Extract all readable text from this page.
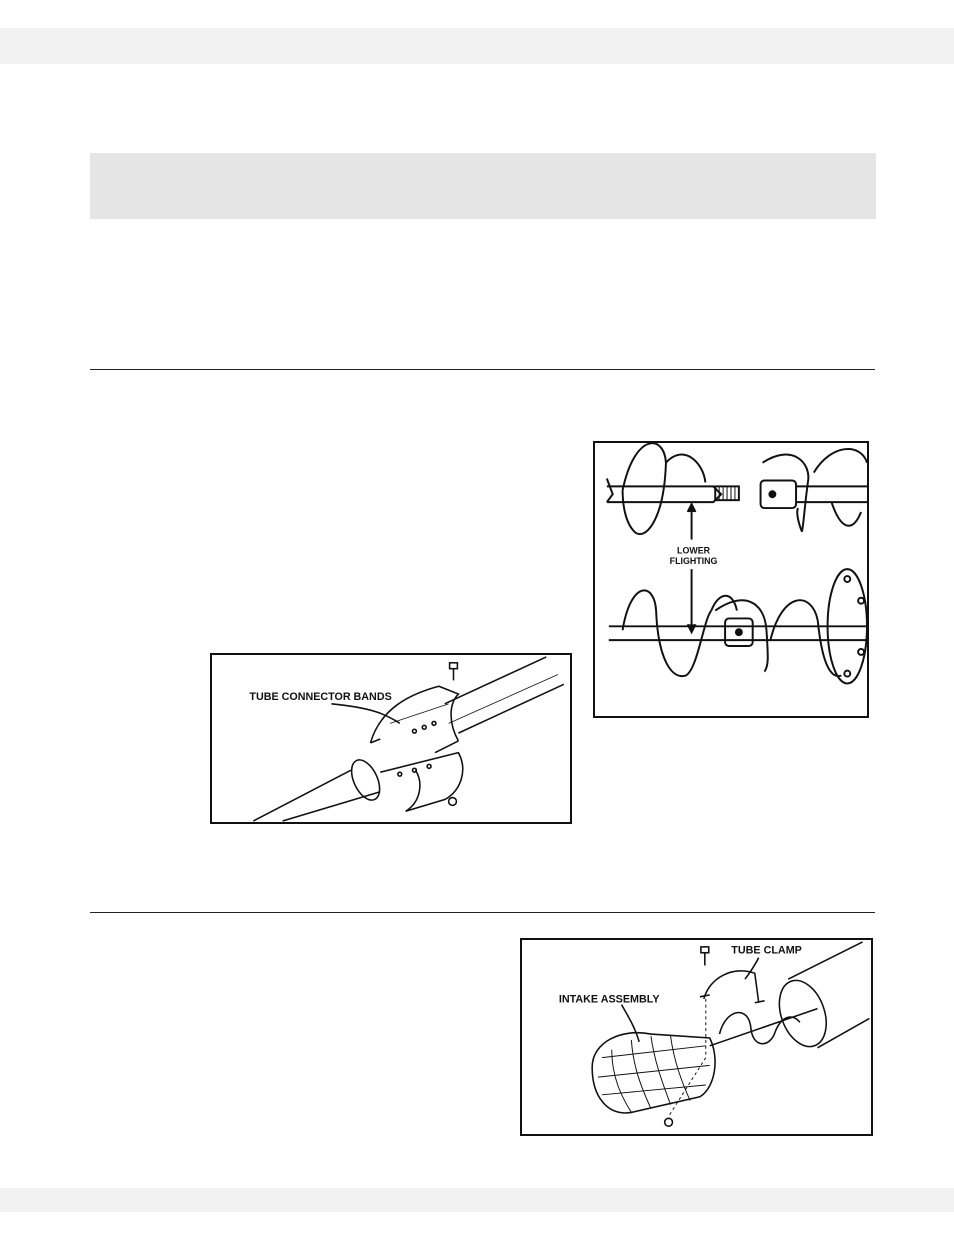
LOWER
FLIGHTING
TUBE CONNECTOR BANDS
INTAKE ASSEMBLY
TUBE CLAMP
